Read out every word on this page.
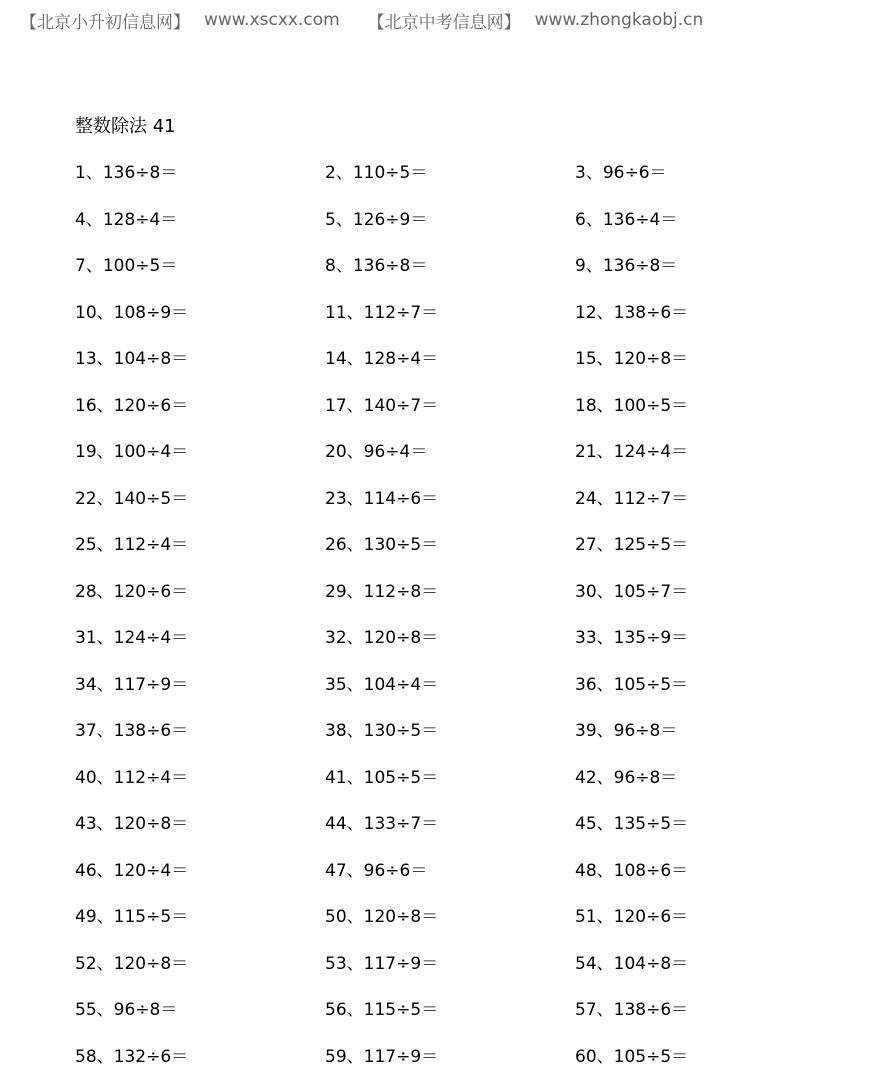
【北京小升初信息网】 www.xscxx.com 【北京中考信息网】 www.zhongkaobj.cn
整数除法 41
1、136÷8＝	2、110÷5＝	3、96÷6＝
4、128÷4＝	5、126÷9＝	6、136÷4＝
7、100÷5＝	8、136÷8＝	9、136÷8＝
10、108÷9＝	11、112÷7＝	12、138÷6＝
13、104÷8＝	14、128÷4＝	15、120÷8＝
16、120÷6＝	17、140÷7＝	18、100÷5＝
19、100÷4＝	20、96÷4＝	21、124÷4＝
22、140÷5＝	23、114÷6＝	24、112÷7＝
25、112÷4＝	26、130÷5＝	27、125÷5＝
28、120÷6＝	29、112÷8＝	30、105÷7＝
31、124÷4＝	32、120÷8＝	33、135÷9＝
34、117÷9＝	35、104÷4＝	36、105÷5＝
37、138÷6＝	38、130÷5＝	39、96÷8＝
40、112÷4＝	41、105÷5＝	42、96÷8＝
43、120÷8＝	44、133÷7＝	45、135÷5＝
46、120÷4＝	47、96÷6＝	48、108÷6＝
49、115÷5＝	50、120÷8＝	51、120÷6＝
52、120÷8＝	53、117÷9＝	54、104÷8＝
55、96÷8＝	56、115÷5＝	57、138÷6＝
58、132÷6＝	59、117÷9＝	60、105÷5＝
